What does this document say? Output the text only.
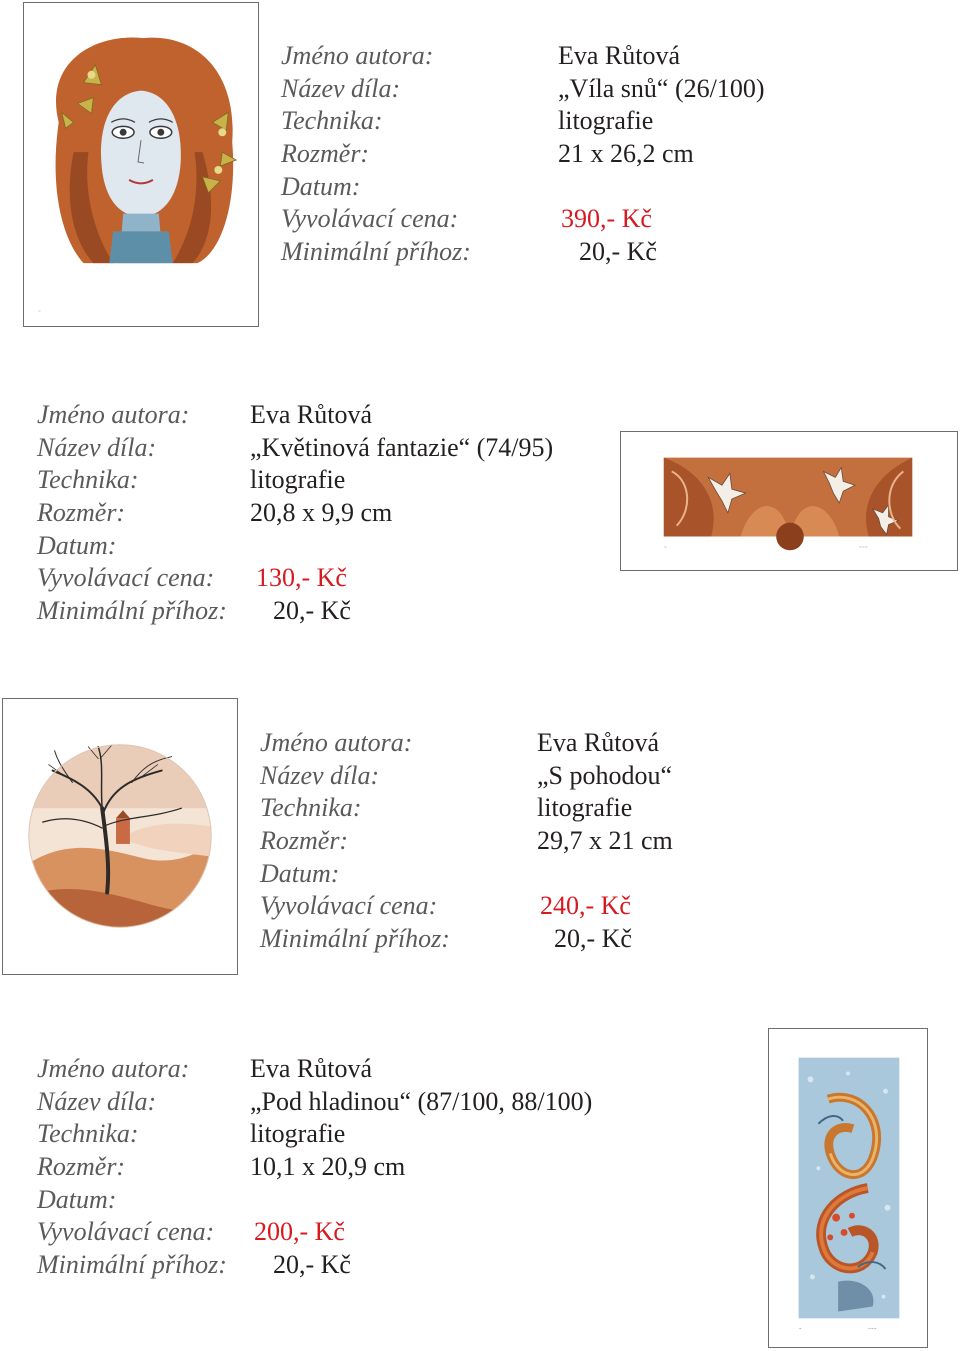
~
Jméno autora:	Eva Růtová
Název díla:	„Víla snů“ (26/100)
Technika:	litografie
Rozměr:	21 x 26,2 cm
Datum:
Vyvolávací cena:	390,- Kč
Minimální příhoz:	20,- Kč
Jméno autora: Eva Růtová
Název díla:	„Květinová fantazie“ (74/95)
Technika:	litografie
Rozměr:	20,8 x 9,9 cm
Datum:
Vyvolávací cena: 130,- Kč
Minimální příhoz: 20,- Kč
~	~~~
Jméno autora:	Eva Růtová
Název díla:	„S pohodou“
Technika:	litografie
Rozměr:	29,7 x 21 cm
Datum:
Vyvolávací cena:	240,- Kč
Minimální příhoz:	20,- Kč
Jméno autora: Eva Růtová
Název díla:	„Pod hladinou“ (87/100, 88/100)
Technika:	litografie
Rozměr:	10,1 x 20,9 cm
Datum:
Vyvolávací cena: 200,- Kč
Minimální příhoz: 20,- Kč
~	~~~
